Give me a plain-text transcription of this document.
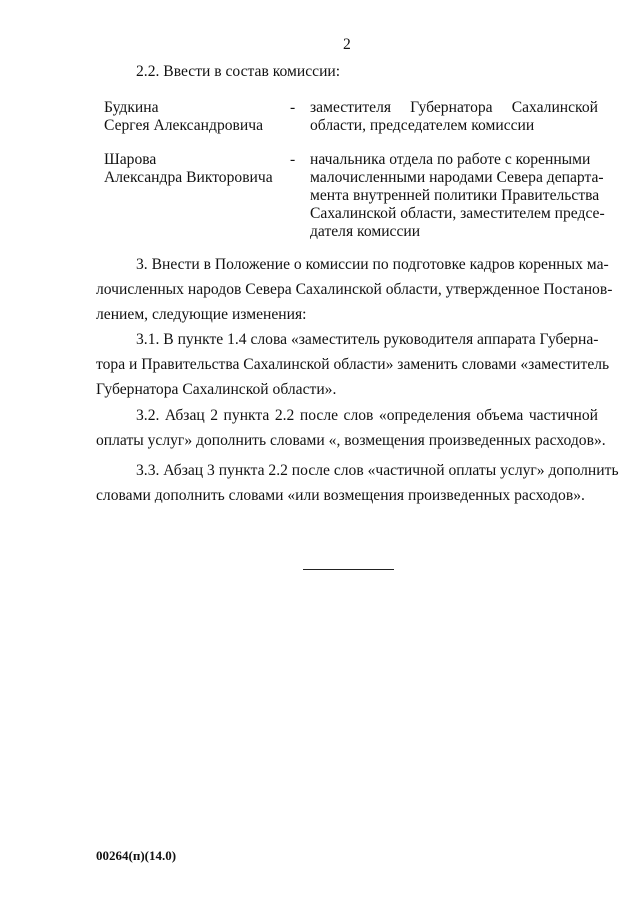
2
2.2. Ввести в состав комиссии:
Будкина
Сергея Александровича
- заместителя Губернатора Сахалинской
области, председателем комиссии
Шарова
Александра Викторовича
- начальника отдела по работе с коренными
малочисленными народами Севера департа-
мента внутренней политики Правительства
Сахалинской области, заместителем предсе-
дателя комиссии
3. Внести в Положение о комиссии по подготовке кадров коренных ма-
лочисленных народов Севера Сахалинской области, утвержденное Постанов-
лением, следующие изменения:
3.1. В пункте 1.4 слова «заместитель руководителя аппарата Губерна-
тора и Правительства Сахалинской области» заменить словами «заместитель
Губернатора Сахалинской области».
3.2. Абзац 2 пункта 2.2 после слов «определения объема частичной
оплаты услуг» дополнить словами «, возмещения произведенных расходов».
3.3. Абзац 3 пункта 2.2 после слов «частичной оплаты услуг» дополнить
словами дополнить словами «или возмещения произведенных расходов».
00264(п)(14.0)
